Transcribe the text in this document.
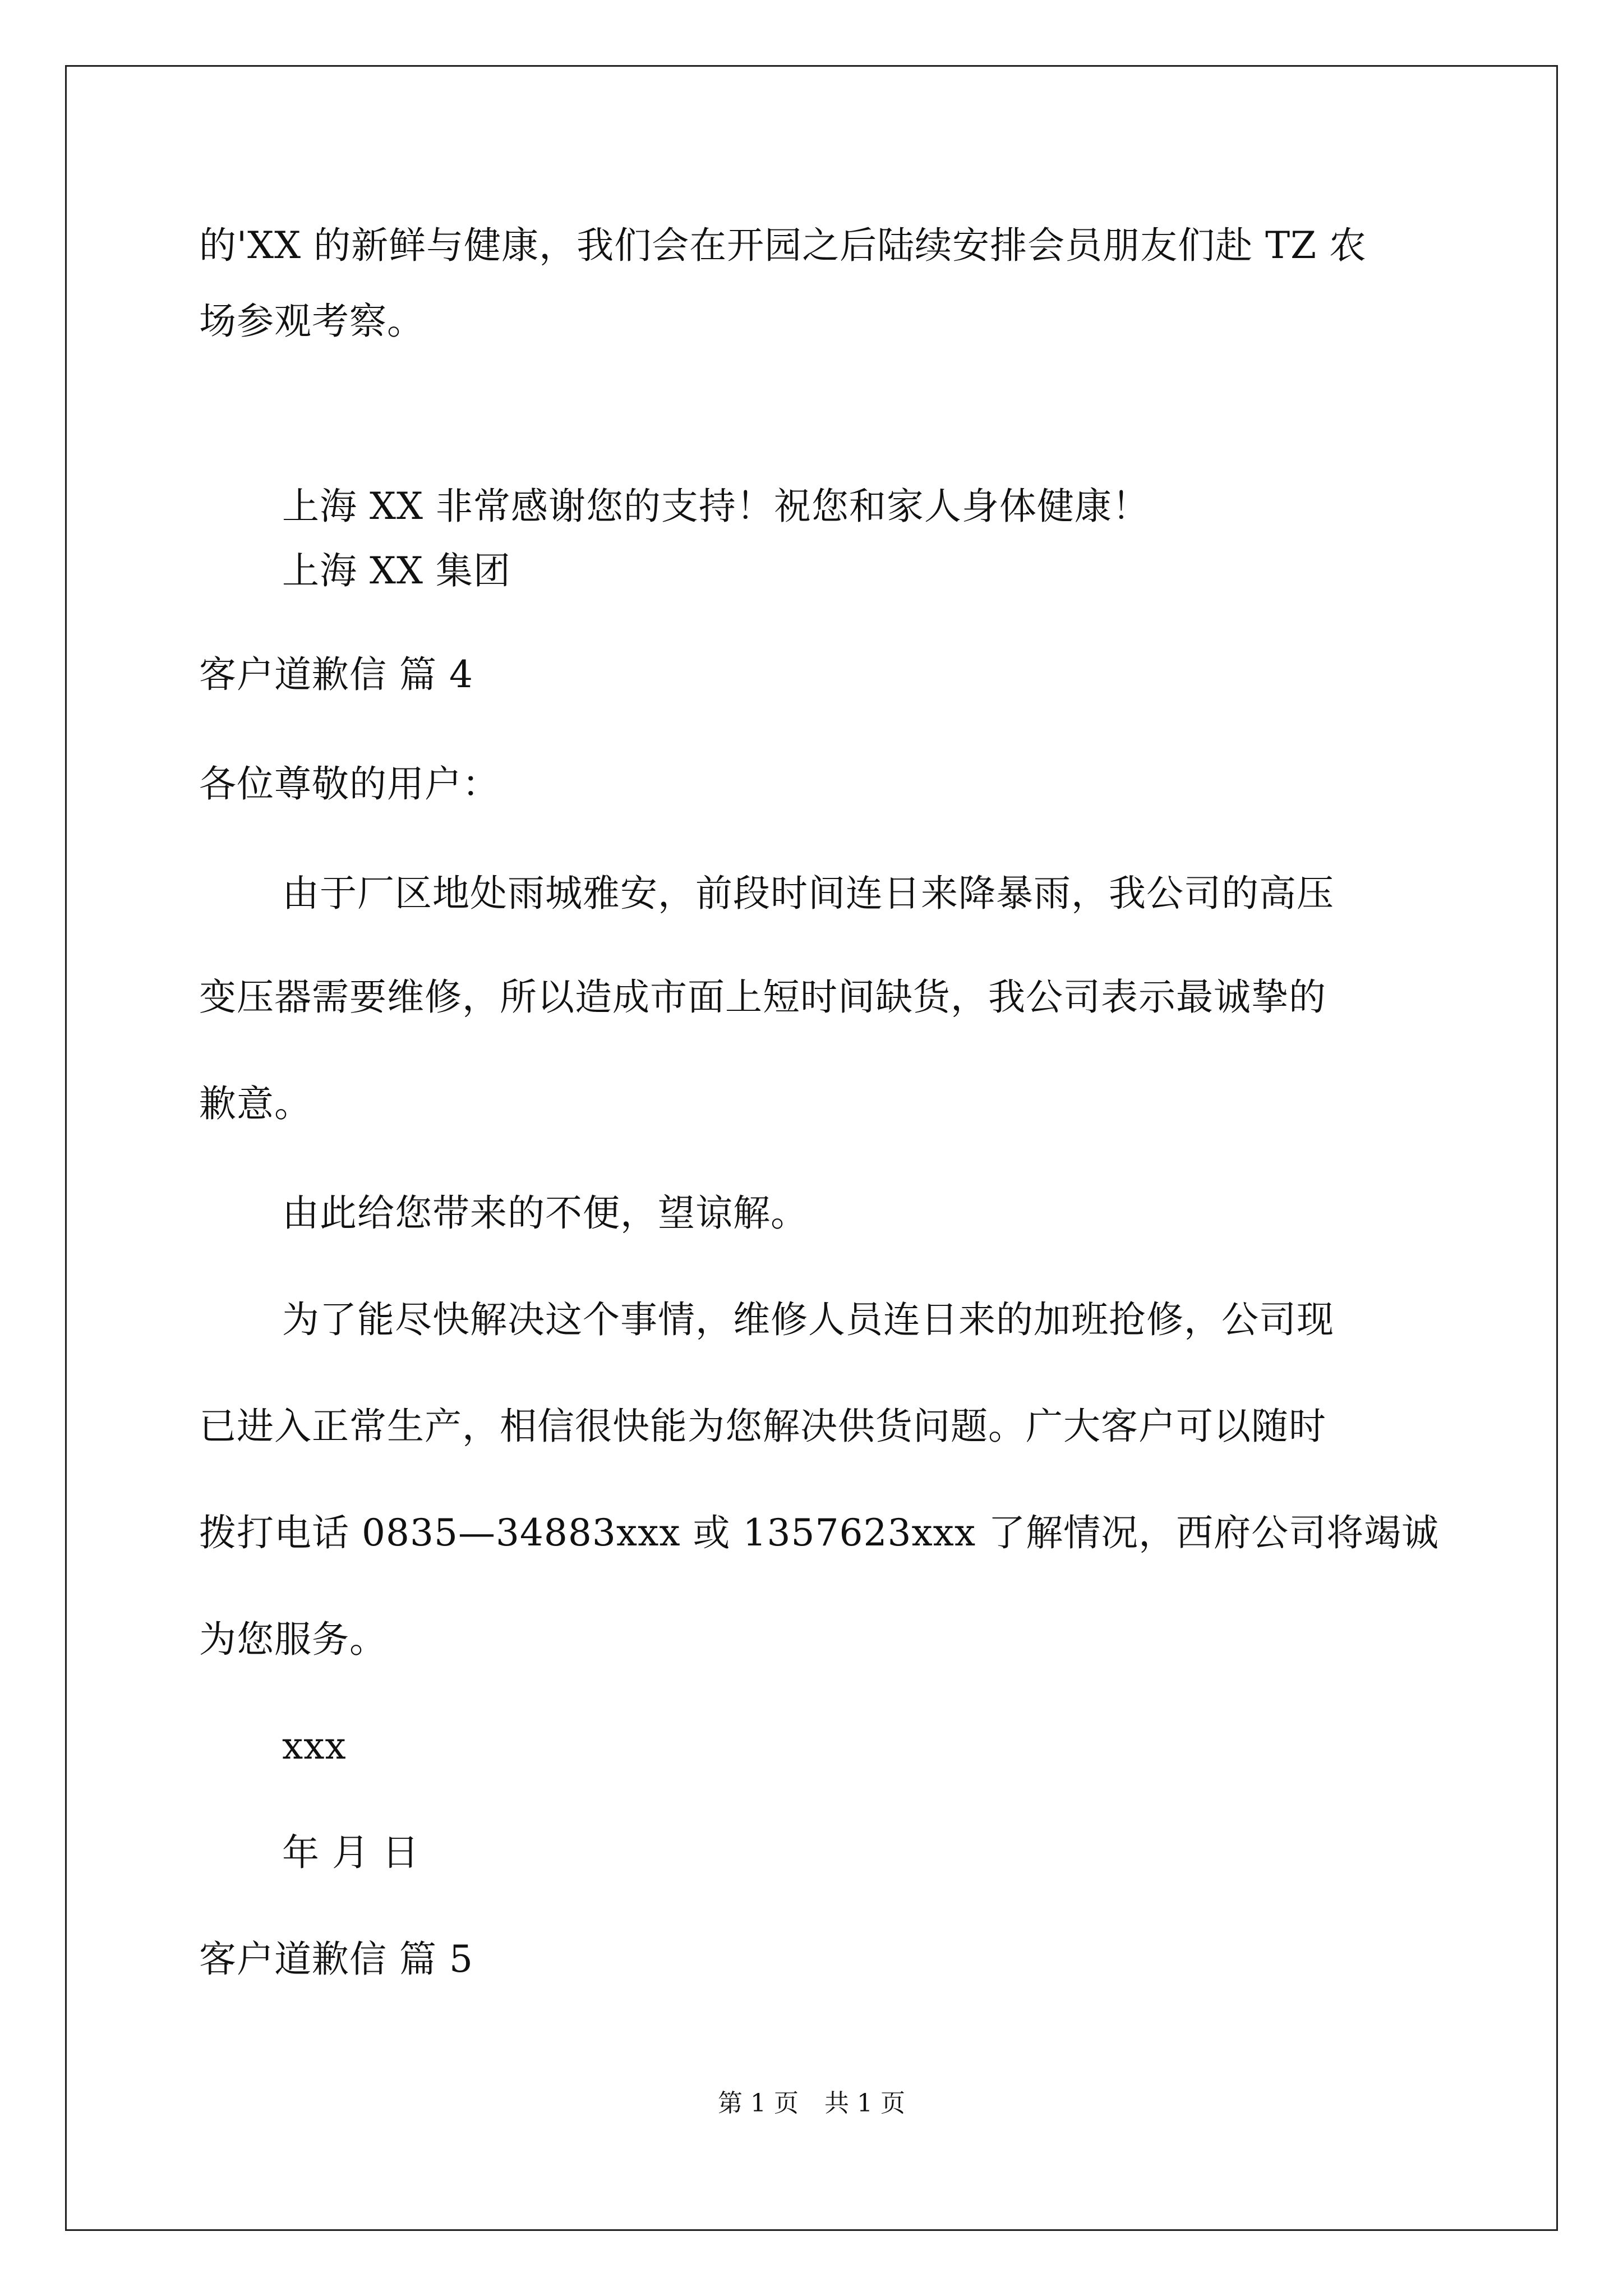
的'XX 的新鲜与健康，我们会在开园之后陆续安排会员朋友们赴 TZ 农
场参观考察。
上海 XX 非常感谢您的支持！祝您和家人身体健康！
上海 XX 集团
客户道歉信 篇 4
各位尊敬的用户：
由于厂区地处雨城雅安，前段时间连日来降暴雨，我公司的高压
变压器需要维修，所以造成市面上短时间缺货，我公司表示最诚挚的
歉意。
由此给您带来的不便，望谅解。
为了能尽快解决这个事情，维修人员连日来的加班抢修，公司现
已进入正常生产，相信很快能为您解决供货问题。广大客户可以随时
拨打电话 0835—34883xxx 或 1357623xxx 了解情况，西府公司将竭诚
为您服务。
xxx
年 月 日
客户道歉信 篇 5
第 1 页 共 1 页
